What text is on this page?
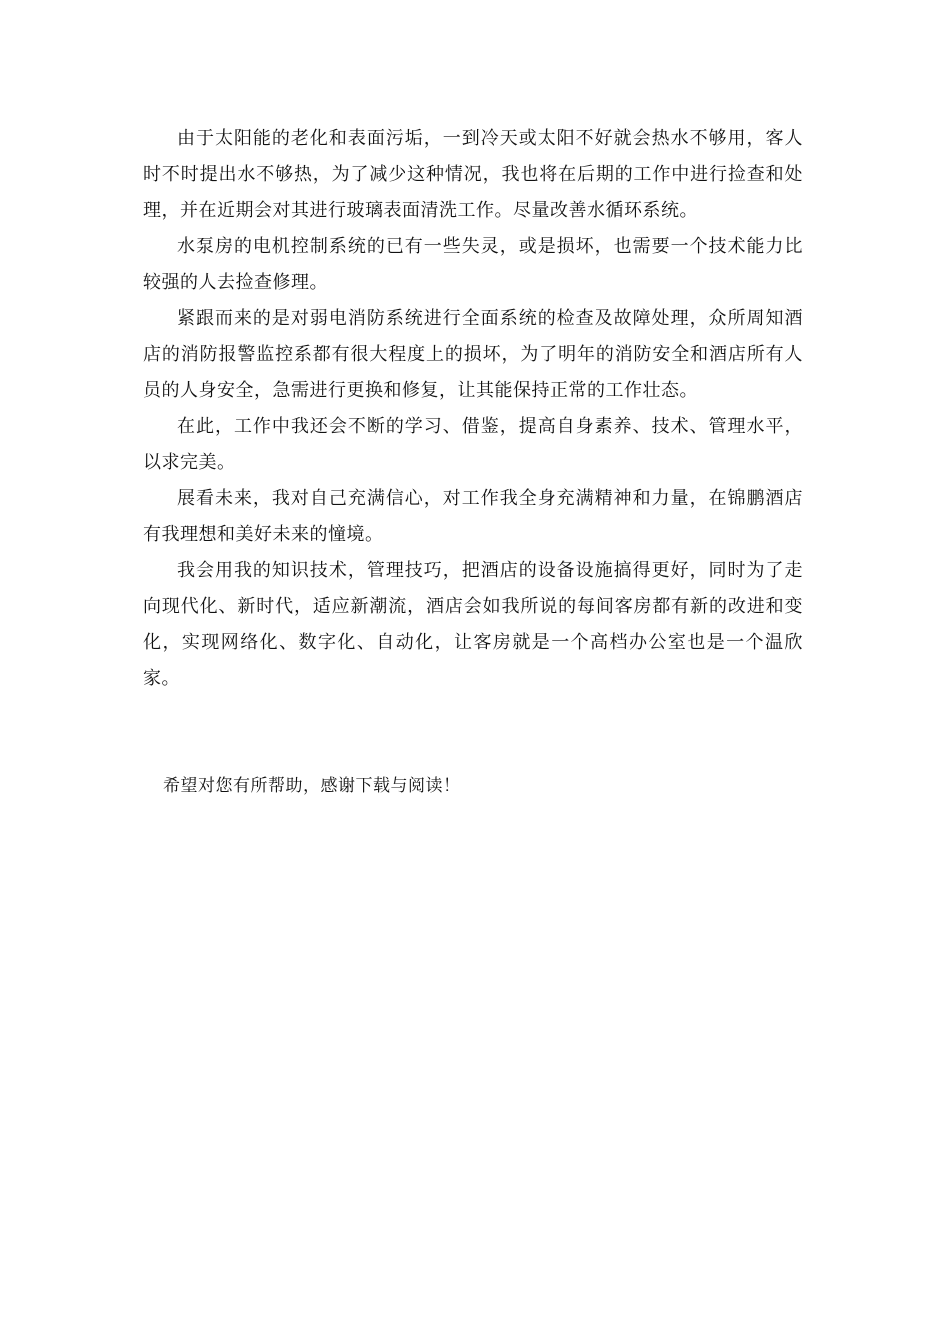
由于太阳能的老化和表面污垢，一到冷天或太阳不好就会热水不够用，客人时不时提出水不够热，为了减少这种情况，我也将在后期的工作中进行捡查和处理，并在近期会对其进行玻璃表面清洗工作。尽量改善水循环系统。

水泵房的电机控制系统的已有一些失灵，或是损坏，也需要一个技术能力比较强的人去捡查修理。

紧跟而来的是对弱电消防系统进行全面系统的检查及故障处理，众所周知酒店的消防报警监控系都有很大程度上的损坏，为了明年的消防安全和酒店所有人员的人身安全，急需进行更换和修复，让其能保持正常的工作壮态。

在此，工作中我还会不断的学习、借鉴，提高自身素养、技术、管理水平，以求完美。

展看未来，我对自己充满信心，对工作我全身充满精神和力量，在锦鹏酒店有我理想和美好未来的憧境。

我会用我的知识技术，管理技巧，把酒店的设备设施搞得更好，同时为了走向现代化、新时代，适应新潮流，酒店会如我所说的每间客房都有新的改进和变化，实现网络化、数字化、自动化，让客房就是一个高档办公室也是一个温欣家。

希望对您有所帮助，感谢下载与阅读！
